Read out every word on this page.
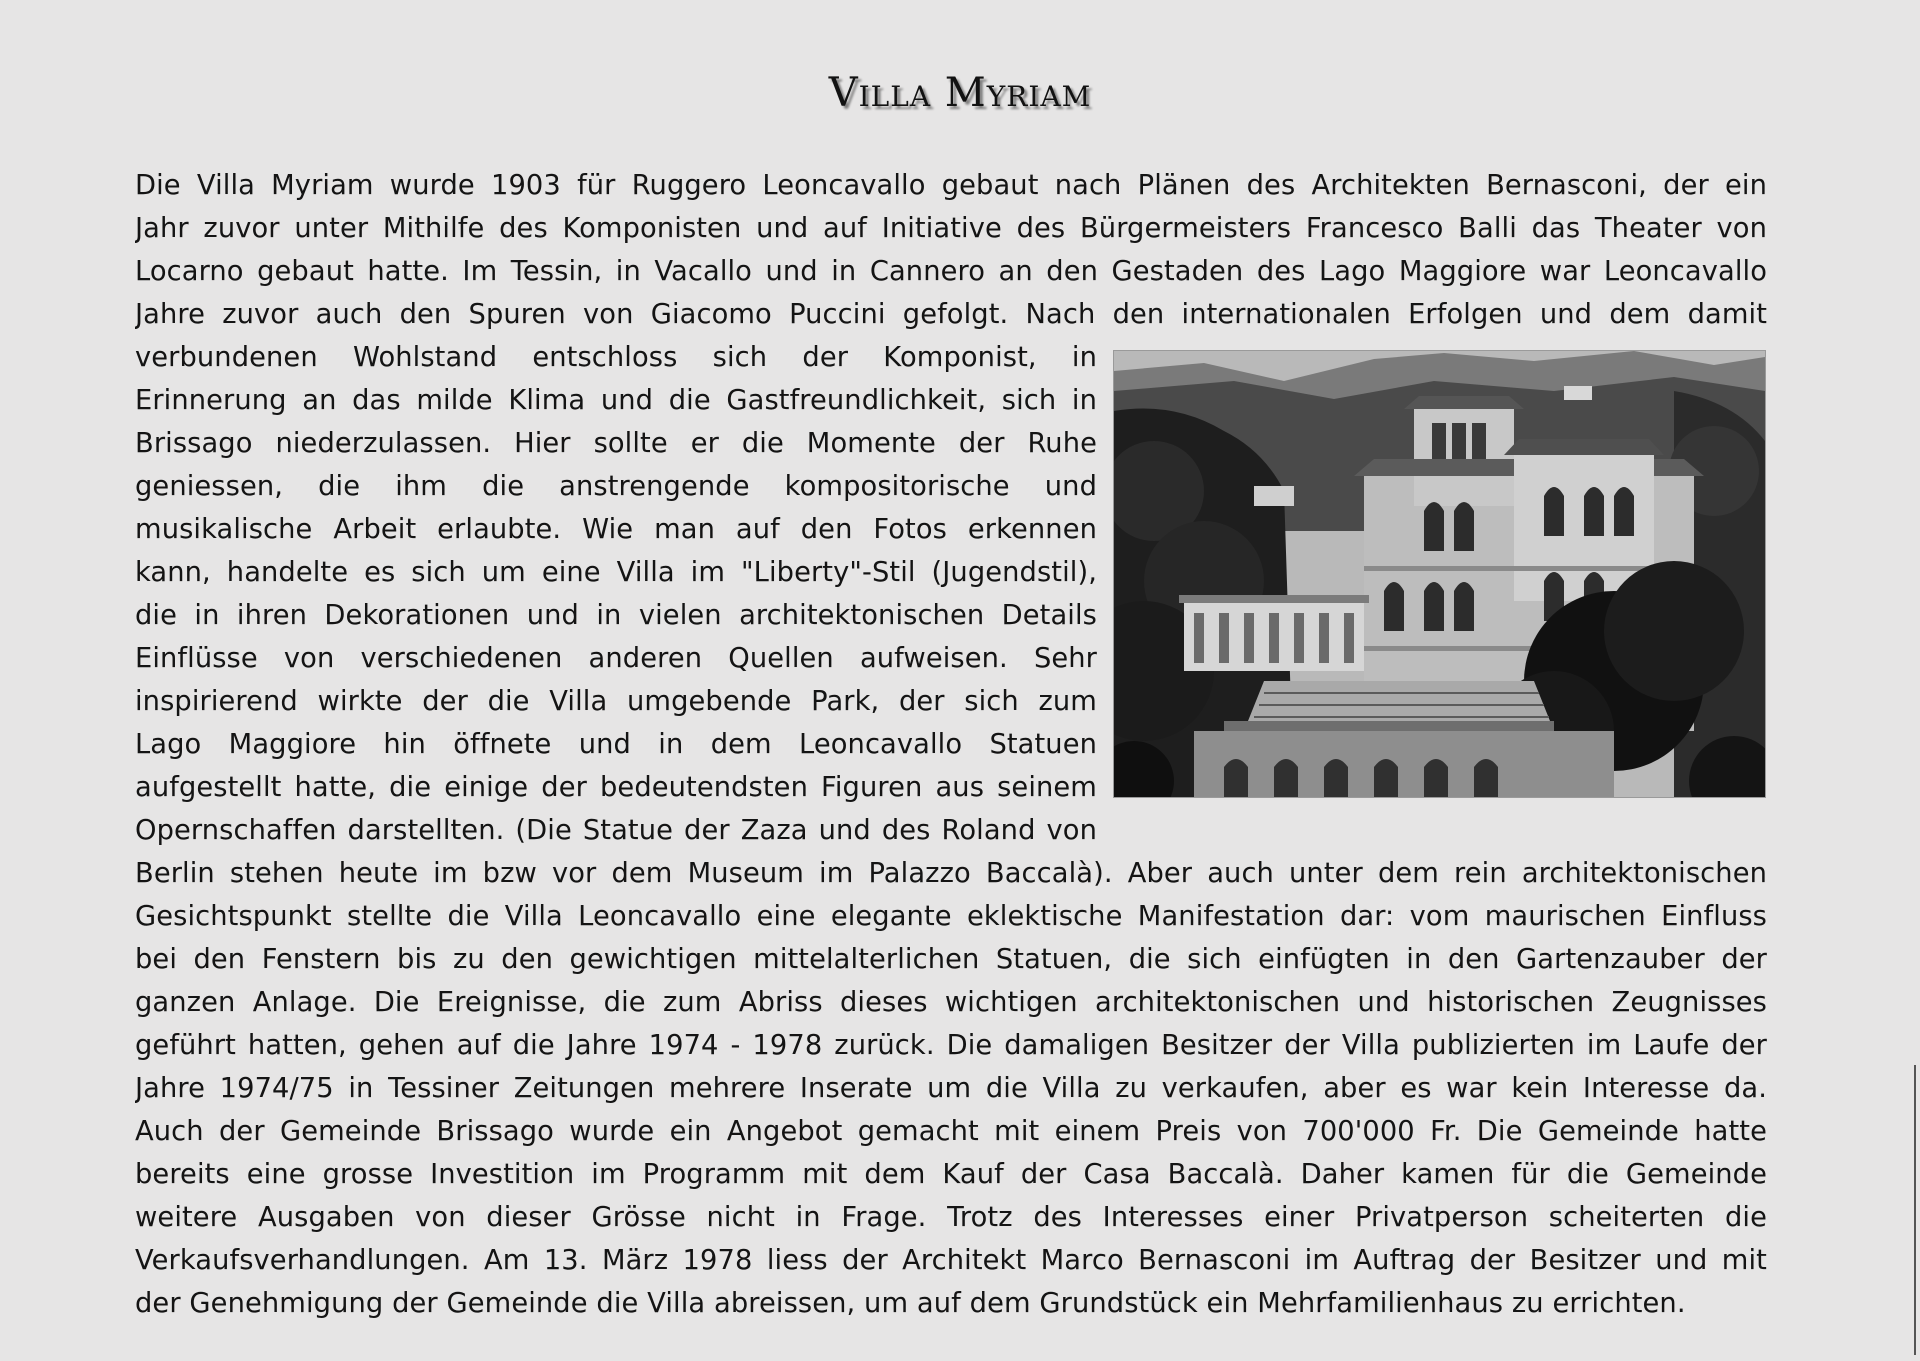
Villa Myriam
Die Villa Myriam wurde 1903 für Ruggero Leoncavallo gebaut nach Plänen des Architekten Bernasconi, der ein
Jahr zuvor unter Mithilfe des Komponisten und auf Initiative des Bürgermeisters Francesco Balli das Theater von
Locarno gebaut hatte. Im Tessin, in Vacallo und in Cannero an den Gestaden des Lago Maggiore war Leoncavallo
Jahre zuvor auch den Spuren von Giacomo Puccini gefolgt. Nach den internationalen Erfolgen und dem damit
verbundenen Wohlstand entschloss sich der Komponist, in
Erinnerung an das milde Klima und die Gastfreundlichkeit, sich in
Brissago niederzulassen. Hier sollte er die Momente der Ruhe
geniessen, die ihm die anstrengende kompositorische und
musikalische Arbeit erlaubte. Wie man auf den Fotos erkennen
kann, handelte es sich um eine Villa im "Liberty"-Stil (Jugendstil),
die in ihren Dekorationen und in vielen architektonischen Details
Einflüsse von verschiedenen anderen Quellen aufweisen. Sehr
inspirierend wirkte der die Villa umgebende Park, der sich zum
Lago Maggiore hin öffnete und in dem Leoncavallo Statuen
aufgestellt hatte, die einige der bedeutendsten Figuren aus seinem
Opernschaffen darstellten. (Die Statue der Zaza und des Roland von
Berlin stehen heute im bzw vor dem Museum im Palazzo Baccalà). Aber auch unter dem rein architektonischen
Gesichtspunkt stellte die Villa Leoncavallo eine elegante eklektische Manifestation dar: vom maurischen Einfluss
bei den Fenstern bis zu den gewichtigen mittelalterlichen Statuen, die sich einfügten in den Gartenzauber der
ganzen Anlage. Die Ereignisse, die zum Abriss dieses wichtigen architektonischen und historischen Zeugnisses
geführt hatten, gehen auf die Jahre 1974 - 1978 zurück. Die damaligen Besitzer der Villa publizierten im Laufe der
Jahre 1974/75 in Tessiner Zeitungen mehrere Inserate um die Villa zu verkaufen, aber es war kein Interesse da.
Auch der Gemeinde Brissago wurde ein Angebot gemacht mit einem Preis von 700'000 Fr. Die Gemeinde hatte
bereits eine grosse Investition im Programm mit dem Kauf der Casa Baccalà. Daher kamen für die Gemeinde
weitere Ausgaben von dieser Grösse nicht in Frage. Trotz des Interesses einer Privatperson scheiterten die
Verkaufsverhandlungen. Am 13. März 1978 liess der Architekt Marco Bernasconi im Auftrag der Besitzer und mit
der Genehmigung der Gemeinde die Villa abreissen, um auf dem Grundstück ein Mehrfamilienhaus zu errichten.
